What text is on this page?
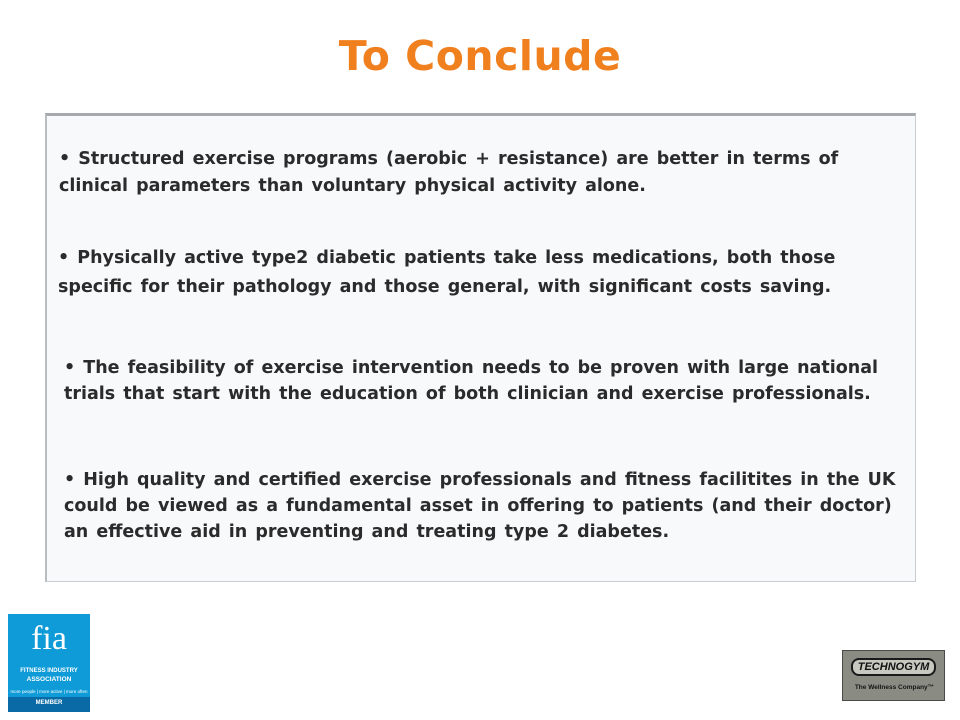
To Conclude

• Structured exercise programs (aerobic + resistance) are better in terms of clinical parameters than voluntary physical activity alone.

• Physically active type2 diabetic patients take less medications, both those specific for their pathology and those general, with significant costs saving.

• The feasibility of exercise intervention needs to be proven with large national trials that start with the education of both clinician and exercise professionals.

• High quality and certified exercise professionals and fitness facilitites in the UK could be viewed as a fundamental asset in offering to patients (and their doctor) an effective aid in preventing and treating type 2 diabetes.

fia
FITNESS INDUSTRY
ASSOCIATION
more people | more active | more often
MEMBER
TECHNOGYM
The Wellness Company™
